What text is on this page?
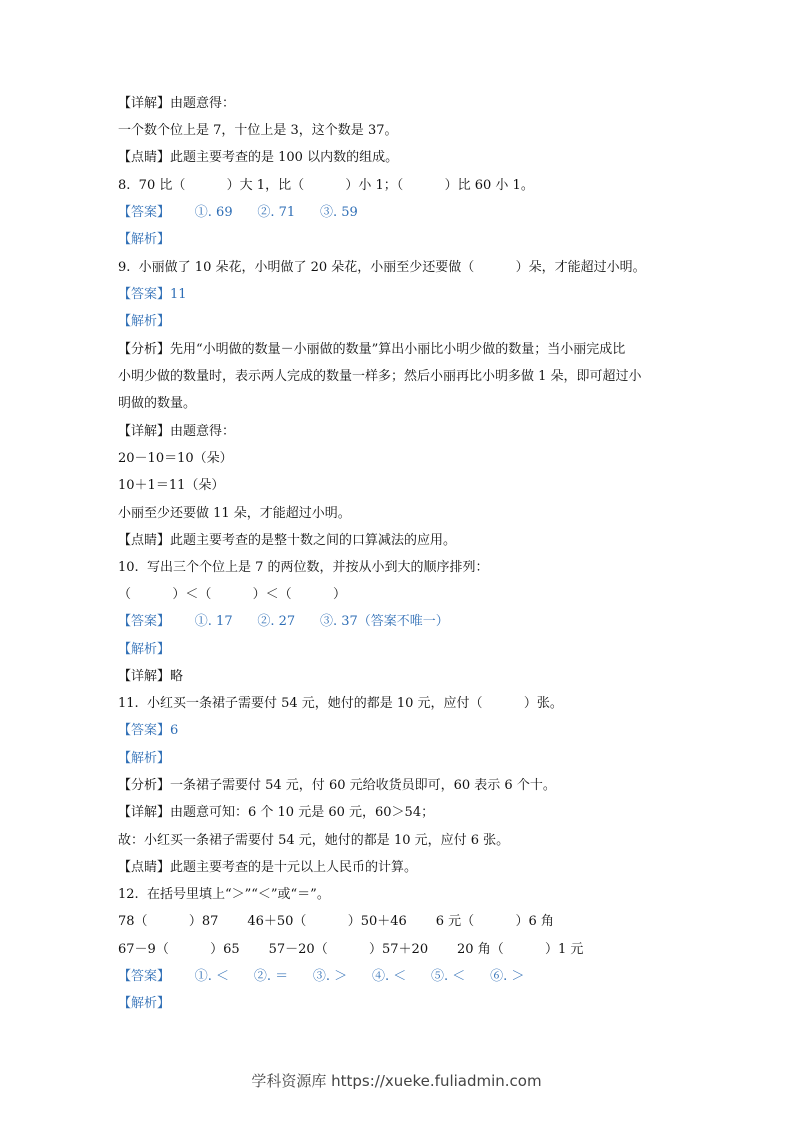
【详解】由题意得：
一个数个位上是 7，十位上是 3，这个数是 37。
【点睛】此题主要考查的是 100 以内数的组成。
8.  70 比（          ）大 1，比（          ）小 1；（          ）比 60 小 1。
【答案】      ①. 69      ②. 71      ③. 59
【解析】
9.  小丽做了 10 朵花，小明做了 20 朵花，小丽至少还要做（          ）朵，才能超过小明。
【答案】11
【解析】
【分析】先用“小明做的数量－小丽做的数量”算出小丽比小明少做的数量；当小丽完成比
小明少做的数量时，表示两人完成的数量一样多；然后小丽再比小明多做 1 朵，即可超过小
明做的数量。
【详解】由题意得：
20－10＝10（朵）
10＋1＝11（朵）
小丽至少还要做 11 朵，才能超过小明。
【点睛】此题主要考查的是整十数之间的口算减法的应用。
10.  写出三个个位上是 7 的两位数，并按从小到大的顺序排列：
（          ）＜（          ）＜（          ）
【答案】      ①. 17      ②. 27      ③. 37（答案不唯一）
【解析】
【详解】略
11.  小红买一条裙子需要付 54 元，她付的都是 10 元，应付（          ）张。
【答案】6
【解析】
【分析】一条裙子需要付 54 元，付 60 元给收货员即可，60 表示 6 个十。
【详解】由题意可知：6 个 10 元是 60 元，60＞54；
故：小红买一条裙子需要付 54 元，她付的都是 10 元，应付 6 张。
【点睛】此题主要考查的是十元以上人民币的计算。
12.  在括号里填上“＞”“＜”或“＝”。
78（          ）87       46＋50（          ）50＋46       6 元（          ）6 角
67－9（          ）65       57－20（          ）57＋20       20 角（          ）1 元
【答案】      ①. ＜      ②. ＝      ③. ＞      ④. ＜      ⑤. ＜      ⑥. ＞
【解析】
学科资源库 https://xueke.fuliadmin.com
